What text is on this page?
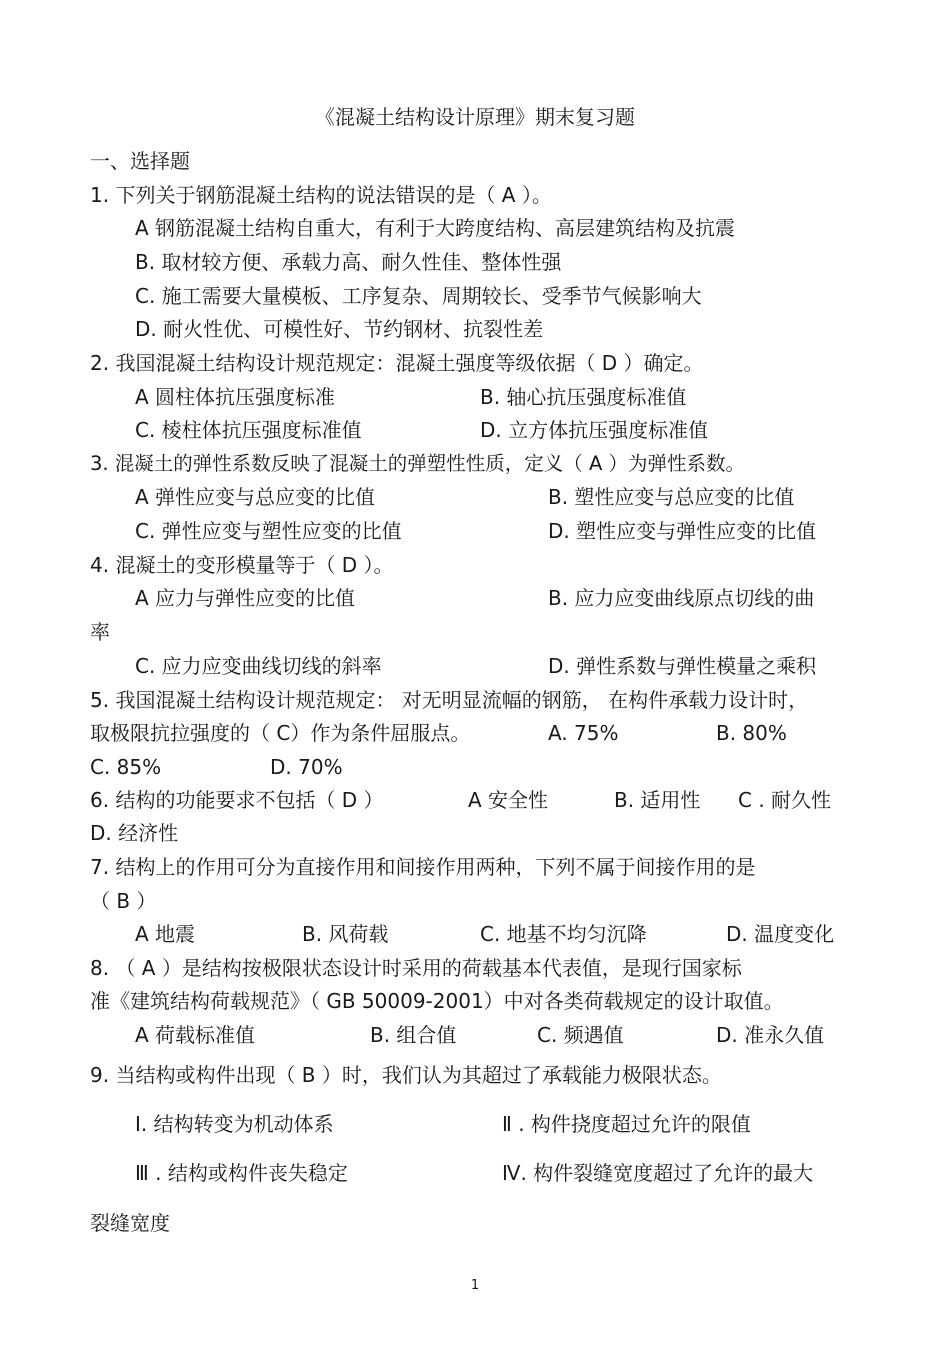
《混凝土结构设计原理》期末复习题
一、选择题
1. 下列关于钢筋混凝土结构的说法错误的是（ A ）。
A 钢筋混凝土结构自重大，有利于大跨度结构、高层建筑结构及抗震
B. 取材较方便、承载力高、耐久性佳、整体性强
C. 施工需要大量模板、工序复杂、周期较长、受季节气候影响大
D. 耐火性优、可模性好、节约钢材、抗裂性差
2. 我国混凝土结构设计规范规定：混凝土强度等级依据（ D ）确定。
A 圆柱体抗压强度标准	B. 轴心抗压强度标准值
C. 棱柱体抗压强度标准值	D. 立方体抗压强度标准值
3. 混凝土的弹性系数反映了混凝土的弹塑性性质，定义（ A ）为弹性系数。
A 弹性应变与总应变的比值	B. 塑性应变与总应变的比值
C. 弹性应变与塑性应变的比值	D. 塑性应变与弹性应变的比值
4. 混凝土的变形模量等于（ D ）。
A 应力与弹性应变的比值	B. 应力应变曲线原点切线的曲
率
C. 应力应变曲线切线的斜率	D. 弹性系数与弹性模量之乘积
5. 我国混凝土结构设计规范规定： 对无明显流幅的钢筋， 在构件承载力设计时，
取极限抗拉强度的（ C）作为条件屈服点。	A. 75%	B. 80%
C. 85%	D. 70%
6. 结构的功能要求不包括（ D ）	A 安全性	B. 适用性 C . 耐久性
D. 经济性
7. 结构上的作用可分为直接作用和间接作用两种，下列不属于间接作用的是
（ B ）
A 地震	B. 风荷载	C. 地基不均匀沉降	D. 温度变化
8. （ A ）是结构按极限状态设计时采用的荷载基本代表值，是现行国家标
准《建筑结构荷载规范》（ GB 50009-2001）中对各类荷载规定的设计取值。
A 荷载标准值	B. 组合值	C. 频遇值	D. 准永久值
9. 当结构或构件出现（ B ）时，我们认为其超过了承载能力极限状态。
Ⅰ. 结构转变为机动体系	Ⅱ . 构件挠度超过允许的限值
Ⅲ . 结构或构件丧失稳定	Ⅳ. 构件裂缝宽度超过了允许的最大
裂缝宽度
1
